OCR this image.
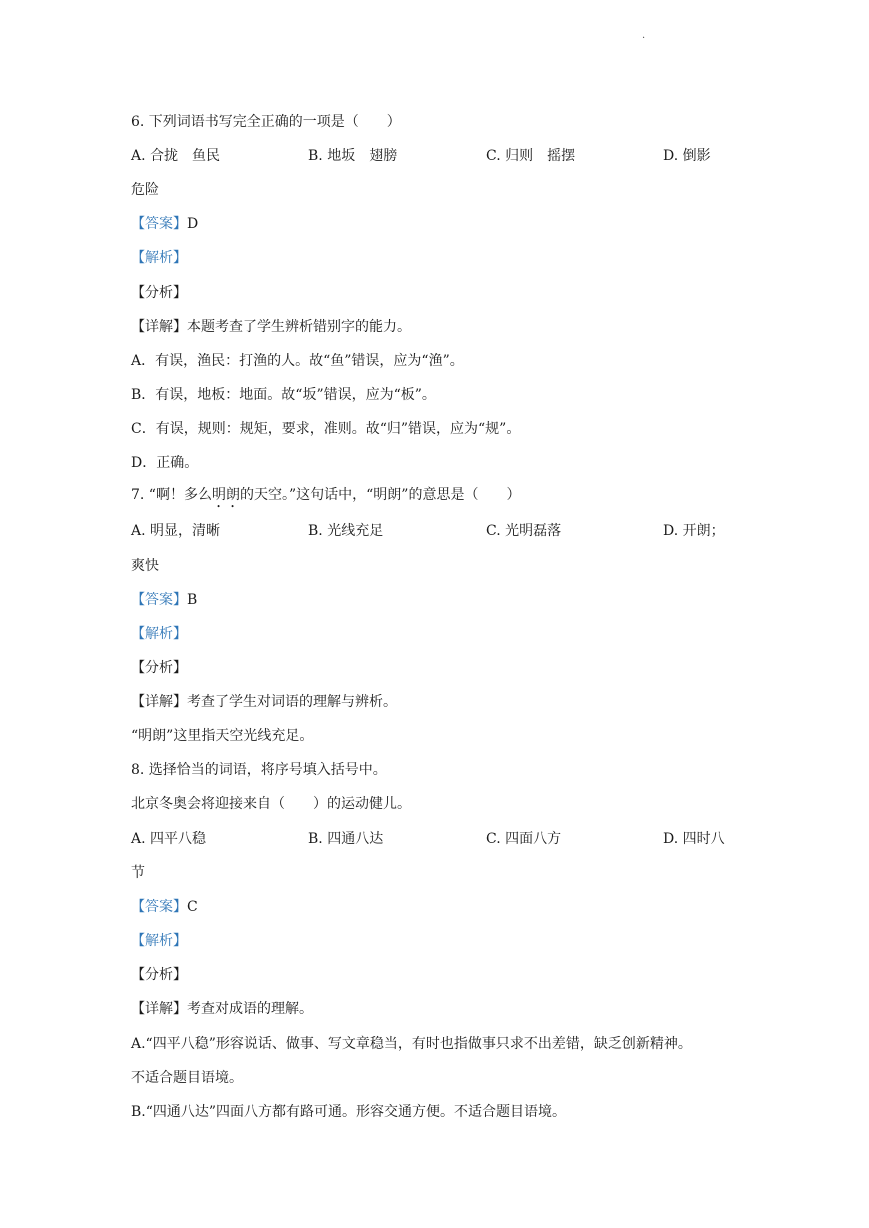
·
6. 下列词语书写完全正确的一项是（　　）
A. 合拢　鱼民	B. 地坂　翅膀	C. 归则　摇摆	D. 倒影
危险
【答案】D
【解析】
【分析】
【详解】本题考查了学生辨析错别字的能力。
A．有误，渔民：打渔的人。故“鱼”错误，应为“渔”。
B．有误，地板：地面。故“坂”错误，应为“板”。
C．有误，规则：规矩，要求，准则。故“归”错误，应为“规”。
D．正确。
7. “啊！多么明朗的天空。”这句话中，“明朗”的意思是（　　）
A. 明显，清晰	B. 光线充足	C. 光明磊落	D. 开朗；
爽快
【答案】B
【解析】
【分析】
【详解】考查了学生对词语的理解与辨析。
“明朗”这里指天空光线充足。
8. 选择恰当的词语，将序号填入括号中。
北京冬奥会将迎接来自（　　）的运动健儿。
A. 四平八稳	B. 四通八达	C. 四面八方	D. 四时八
节
【答案】C
【解析】
【分析】
【详解】考查对成语的理解。
A.“四平八稳”形容说话、做事、写文章稳当，有时也指做事只求不出差错，缺乏创新精神。
不适合题目语境。
B.“四通八达”四面八方都有路可通。形容交通方便。不适合题目语境。
